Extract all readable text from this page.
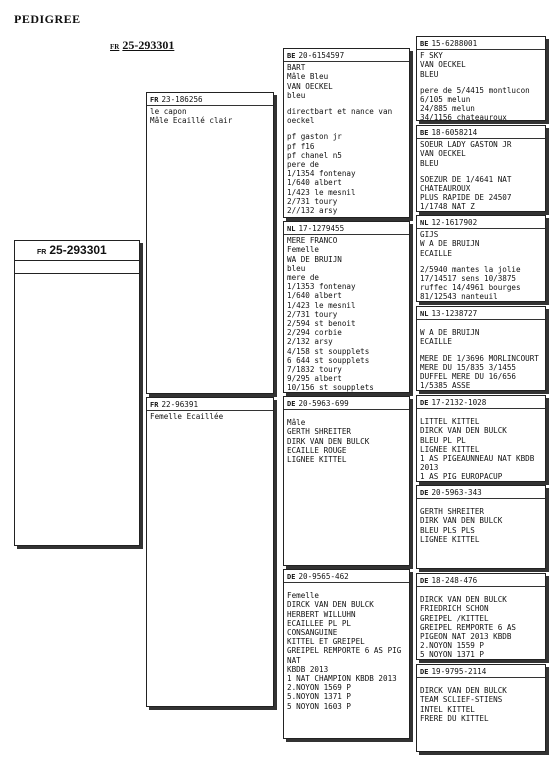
PEDIGREE
FR 25-293301
FR 25-293301
FR 23-186256
le capon
Mâle Ecaillé clair
FR 22-96391
Femelle Ecaillée
BE 20-6154597
BART
Mâle Bleu
VAN OECKEL
bleu
directbart et nance van
oeckel
pf gaston jr
pf f16
pf chanel n5
pere de
1/1354 fontenay
1/640 albert
1/423 le mesnil
2/731 toury
2//132 arsy
NL 17-1279455
MERE FRANCO
Femelle
WA DE BRUIJN
bleu
mere de
1/1353 fontenay
1/640 albert
1/423 le mesnil
2/731 toury
2/594 st benoit
2/294 corbie
2/132 arsy
4/158 st soupplets
6 644 st soupplets
7/1832 toury
9/295 albert
10/156 st soupplets
DE 20-5963-699
Mâle
GERTH SHREITER
DIRK VAN DEN BULCK
ECAILLE ROUGE
LIGNEE KITTEL
DE 20-9565-462
Femelle
DIRCK VAN DEN BULCK
HERBERT WILLUHN
ECAILLEE PL PL
CONSANGUINE
KITTEL ET GREIPEL
GREIPEL REMPORTE 6 AS PIG
NAT
KBDB 2013
1 NAT CHAMPION KBDB 2013
2.NOYON 1569 P
5.NOYON 1371 P
5 NOYON 1603 P
BE 15-6288001
F SKY
VAN OECKEL
BLEU
pere de 5/4415 montlucon
6/105 melun
24/885 melun
34/1156 chateauroux
BE 18-6058214
SOEUR LADY GASTON JR
VAN OECKEL
BLEU
SOEZUR DE 1/4641 NAT
CHATEAUROUX
PLUS RAPIDE DE 24507
1/1748 NAT Z
NL 12-1617902
GIJS
W A DE BRUIJN
ECAILLE
2/5940 mantes la jolie
17/14517 sens 10/3875
ruffec 14/4961 bourges
81/12543 nanteuil
NL 13-1238727
W A DE BRUIJN
ECAILLE
MERE DE 1/3696 MORLINCOURT
MERE DU 15/835 3/1455
DUFFEL MERE DU 16/656
1/5385 ASSE
DE 17-2132-1028
LITTEL KITTEL
DIRCK VAN DEN BULCK
BLEU PL PL
LIGNEE KITTEL
1 AS PIGEAUNNEAU NAT KBDB
2013
1 AS PIG EUROPACUP
DE 20-5963-343
GERTH SHREITER
DIRK VAN DEN BULCK
BLEU PLS PLS
LIGNEE KITTEL
DE 18-248-476
DIRCK VAN DEN BULCK
FRIEDRICH SCHON
GREIPEL /KITTEL
GREIPEL REMPORTE 6 AS
PIGEON NAT 2013 KBDB
2.NOYON 1559 P
5 NOYON 1371 P
DE 19-9795-2114
DIRCK VAN DEN BULCK
TEAM SCLIEF-STIENS
INTEL KITTEL
FRERE DU KITTEL
